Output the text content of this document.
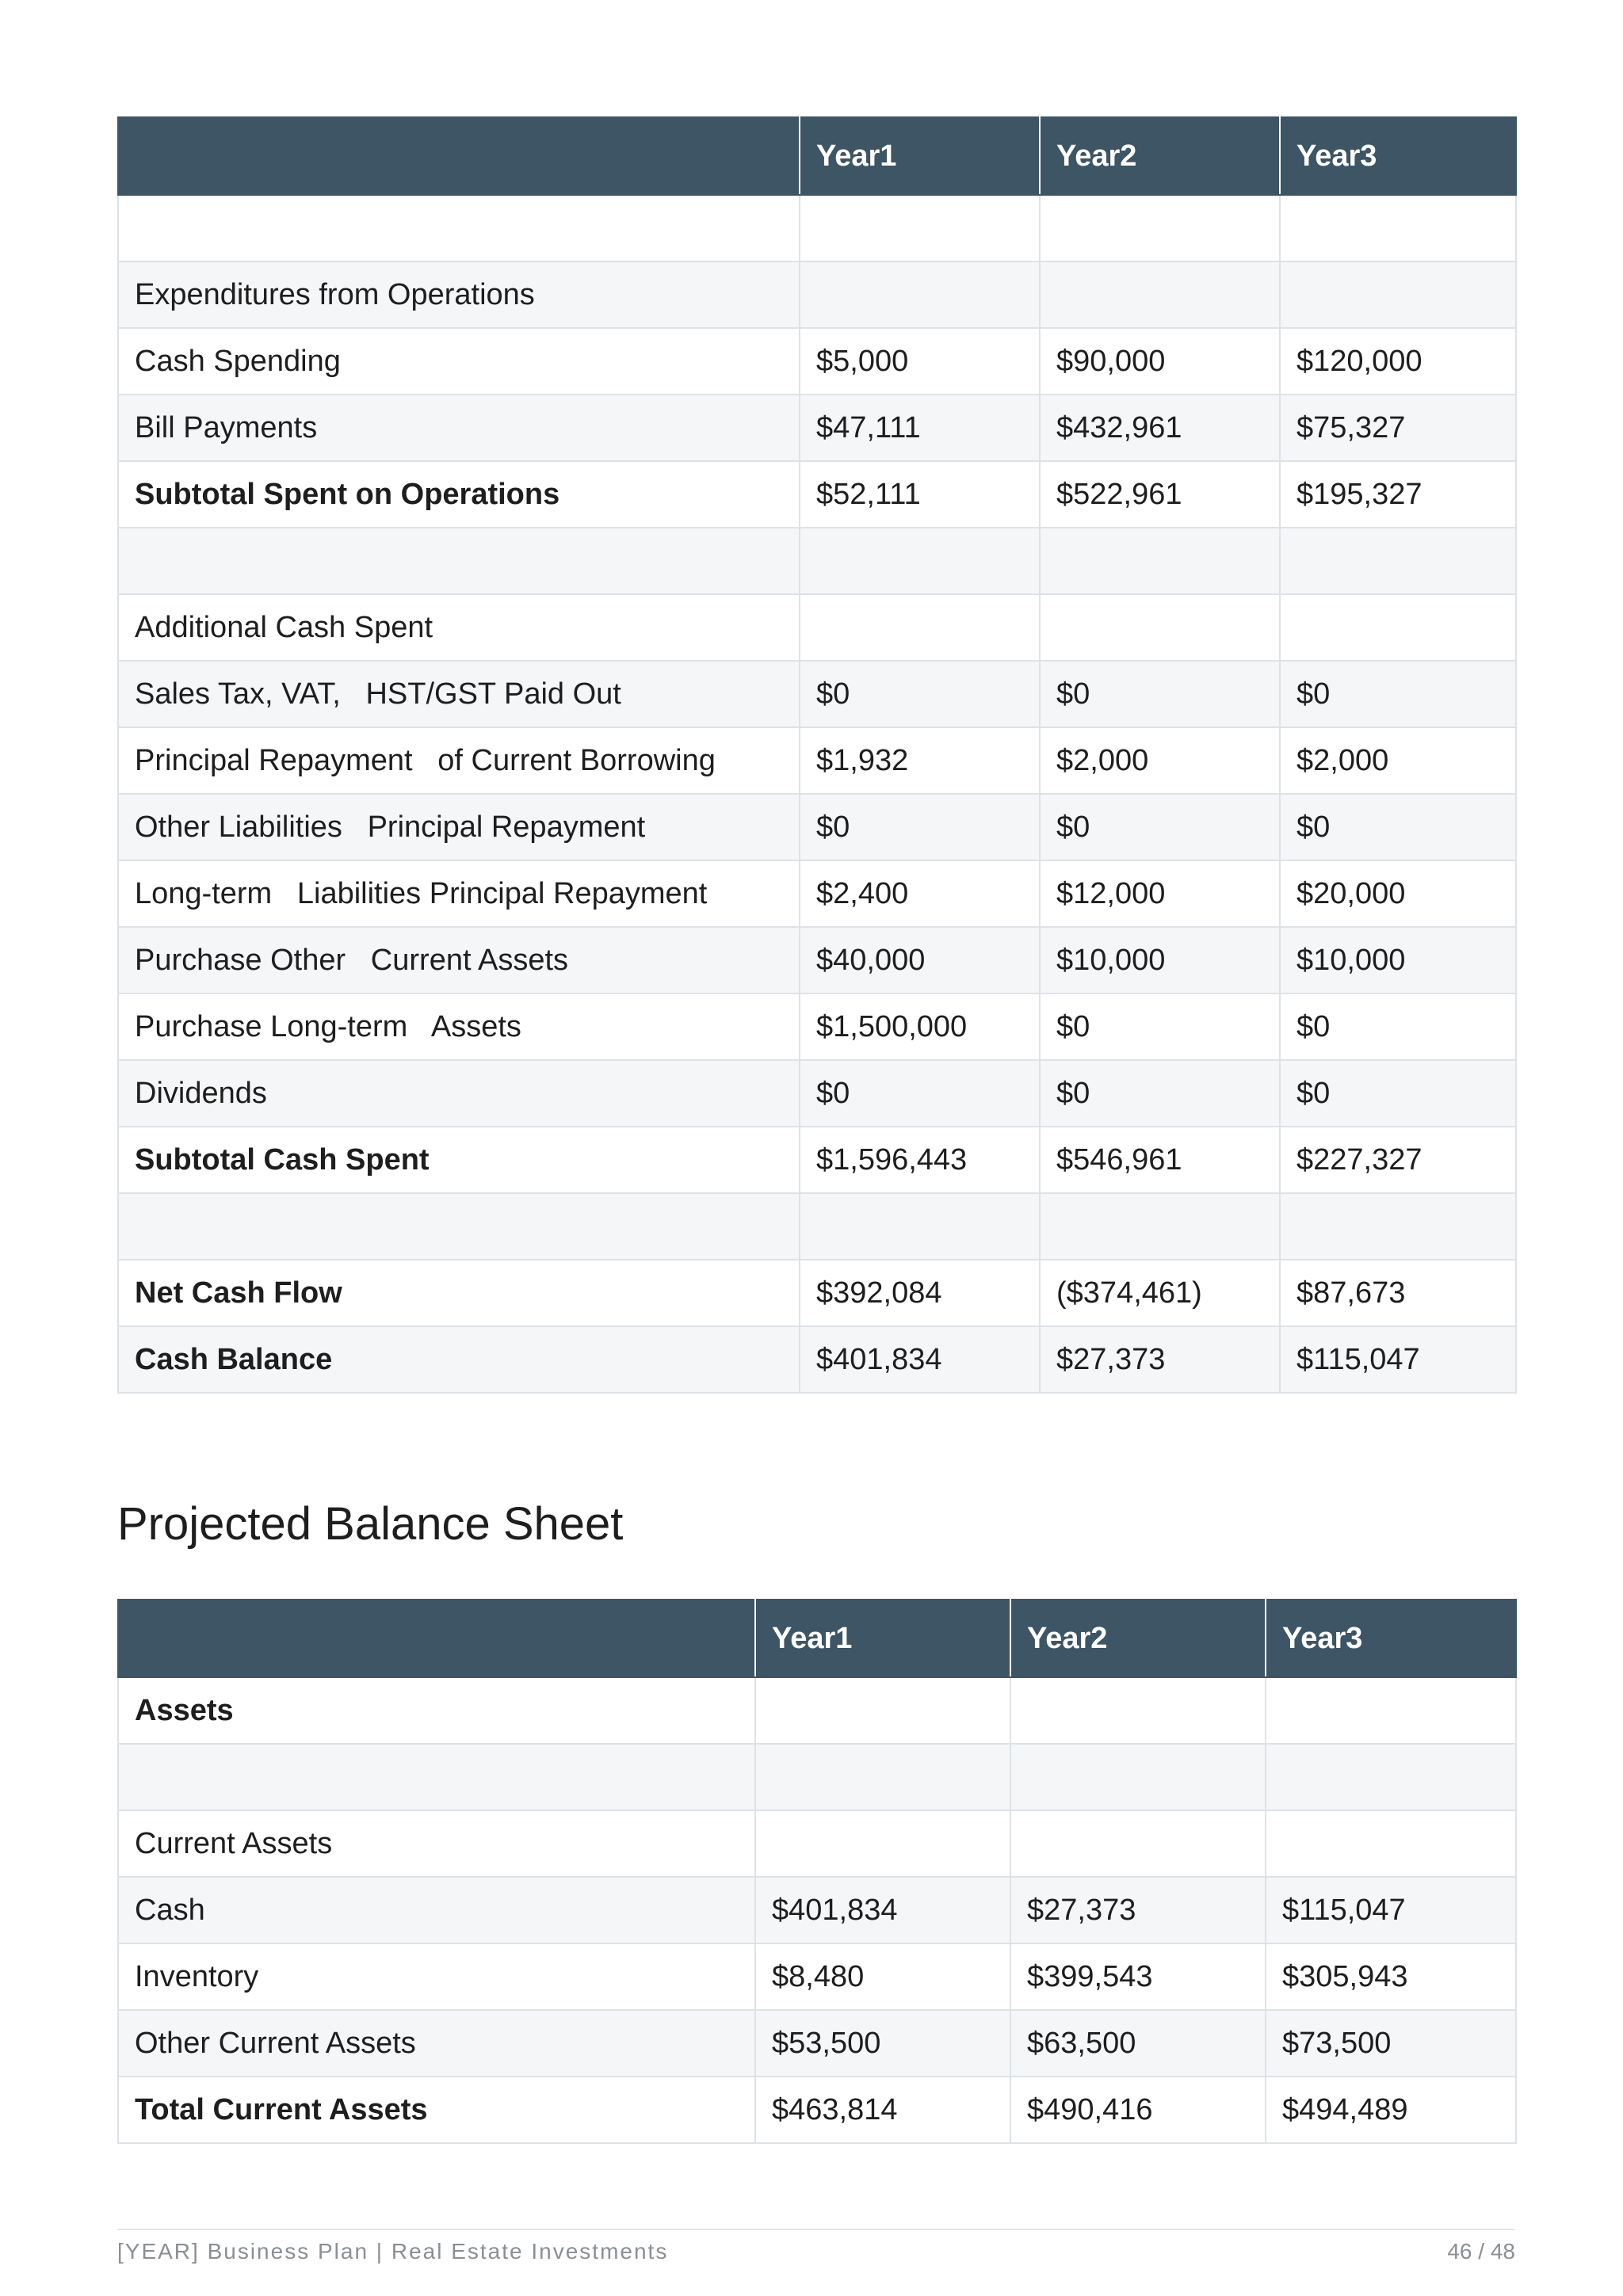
	Year1	Year2	Year3

Expenditures from Operations			
Cash Spending	$5,000	$90,000	$120,000
Bill Payments	$47,111	$432,961	$75,327
Subtotal Spent on Operations	$52,111	$522,961	$195,327

Additional Cash Spent			
Sales Tax, VAT,   HST/GST Paid Out	$0	$0	$0
Principal Repayment   of Current Borrowing	$1,932	$2,000	$2,000
Other Liabilities   Principal Repayment	$0	$0	$0
Long-term   Liabilities Principal Repayment	$2,400	$12,000	$20,000
Purchase Other   Current Assets	$40,000	$10,000	$10,000
Purchase Long-term   Assets	$1,500,000	$0	$0
Dividends	$0	$0	$0
Subtotal Cash Spent	$1,596,443	$546,961	$227,327

Net Cash Flow	$392,084	($374,461)	$87,673
Cash Balance	$401,834	$27,373	$115,047
Projected Balance Sheet
	Year1	Year2	Year3
Assets			

Current Assets			
Cash	$401,834	$27,373	$115,047
Inventory	$8,480	$399,543	$305,943
Other Current Assets	$53,500	$63,500	$73,500
Total Current Assets	$463,814	$490,416	$494,489
[YEAR] Business Plan | Real Estate Investments	46 / 48
